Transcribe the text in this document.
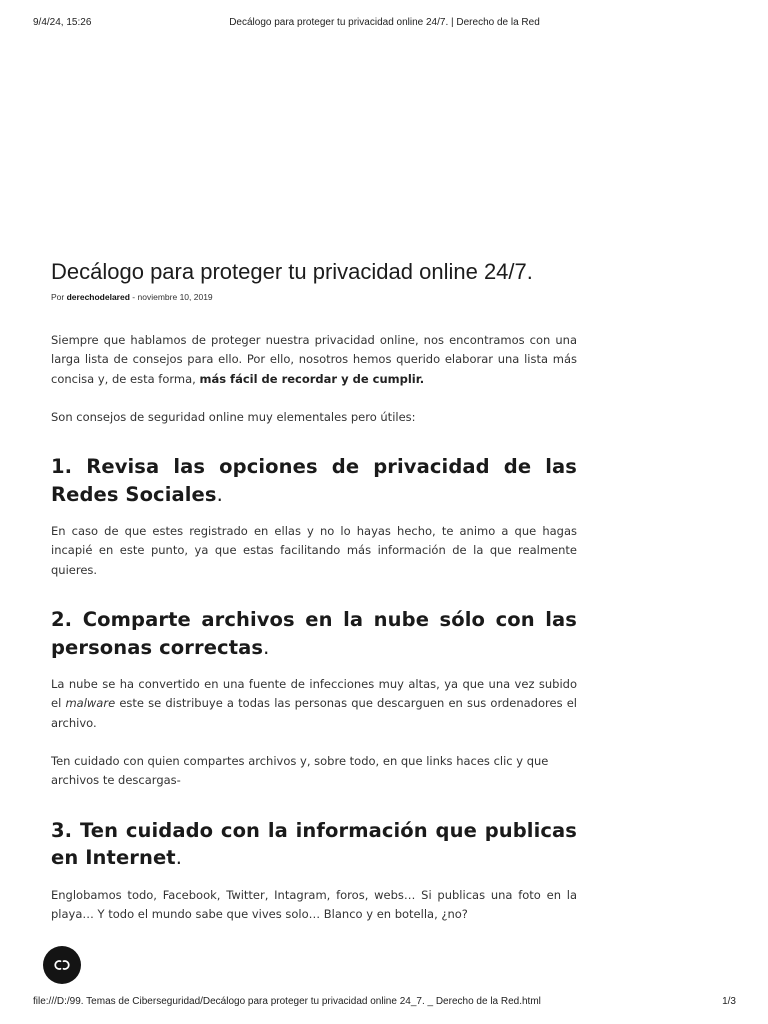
9/4/24, 15:26	Decálogo para proteger tu privacidad online 24/7. | Derecho de la Red
Decálogo para proteger tu privacidad online 24/7.
Por derechodelared - noviembre 10, 2019

Siempre que hablamos de proteger nuestra privacidad online, nos encontramos con una larga lista de consejos para ello. Por ello, nosotros hemos querido elaborar una lista más concisa y, de esta forma, más fácil de recordar y de cumplir.

Son consejos de seguridad online muy elementales pero útiles:

1. Revisa las opciones de privacidad de las Redes Sociales.

En caso de que estes registrado en ellas y no lo hayas hecho, te animo a que hagas incapié en este punto, ya que estas facilitando más información de la que realmente quieres.

2. Comparte archivos en la nube sólo con las personas correctas.

La nube se ha convertido en una fuente de infecciones muy altas, ya que una vez subido el malware este se distribuye a todas las personas que descarguen en sus ordenadores el archivo.

Ten cuidado con quien compartes archivos y, sobre todo, en que links haces clic y que archivos te descargas-

3. Ten cuidado con la información que publicas en Internet.

Englobamos todo, Facebook, Twitter, Intagram, foros, webs… Si publicas una foto en la playa… Y todo el mundo sabe que vives solo… Blanco y en botella, ¿no?

file:///D:/99. Temas de Ciberseguridad/Decálogo para proteger tu privacidad online 24_7. _ Derecho de la Red.html	1/3
